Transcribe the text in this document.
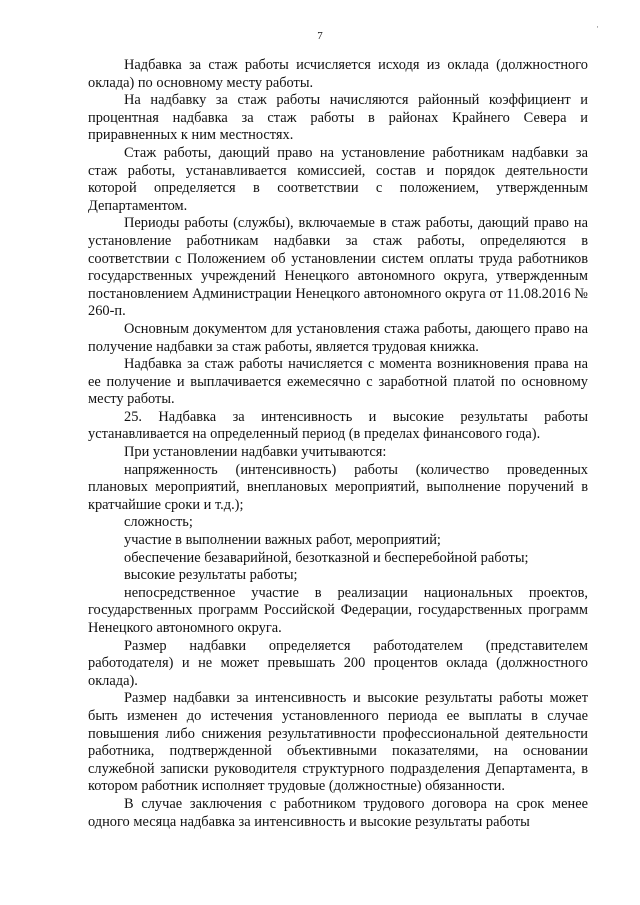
·
7

Надбавка за стаж работы исчисляется исходя из оклада (должностного оклада) по основному месту работы.

На надбавку за стаж работы начисляются районный коэффициент и процентная надбавка за стаж работы в районах Крайнего Севера и приравненных к ним местностях.

Стаж работы, дающий право на установление работникам надбавки за стаж работы, устанавливается комиссией, состав и порядок деятельности которой определяется в соответствии с положением, утвержденным Департаментом.

Периоды работы (службы), включаемые в стаж работы, дающий право на установление работникам надбавки за стаж работы, определяются в соответствии с Положением об установлении систем оплаты труда работников государственных учреждений Ненецкого автономного округа, утвержденным постановлением Администрации Ненецкого автономного округа от 11.08.2016 № 260-п.

Основным документом для установления стажа работы, дающего право на получение надбавки за стаж работы, является трудовая книжка.

Надбавка за стаж работы начисляется с момента возникновения права на ее получение и выплачивается ежемесячно с заработной платой по основному месту работы.

25. Надбавка за интенсивность и высокие результаты работы устанавливается на определенный период (в пределах финансового года).

При установлении надбавки учитываются:

напряженность (интенсивность) работы (количество проведенных плановых мероприятий, внеплановых мероприятий, выполнение поручений в кратчайшие сроки и т.д.);

сложность;

участие в выполнении важных работ, мероприятий;

обеспечение безаварийной, безотказной и бесперебойной работы;

высокие результаты работы;

непосредственное участие в реализации национальных проектов, государственных программ Российской Федерации, государственных программ Ненецкого автономного округа.

Размер надбавки определяется работодателем (представителем работодателя) и не может превышать 200 процентов оклада (должностного оклада).

Размер надбавки за интенсивность и высокие результаты работы может быть изменен до истечения установленного периода ее выплаты в случае повышения либо снижения результативности профессиональной деятельности работника, подтвержденной объективными показателями, на основании служебной записки руководителя структурного подразделения Департамента, в котором работник исполняет трудовые (должностные) обязанности.

В случае заключения с работником трудового договора на срок менее одного месяца надбавка за интенсивность и высокие результаты работы
